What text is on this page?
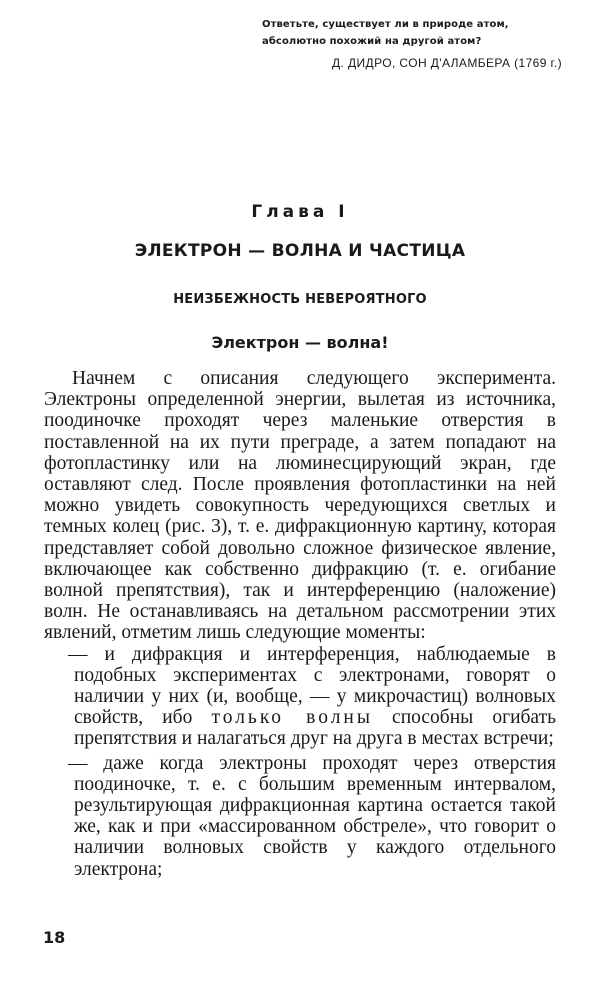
Ответьте, существует ли в природе атом,
абсолютно похожий на другой атом?
Д. ДИДРО, СОН Д'АЛАМБЕРА (1769 г.)
Глава I
ЭЛЕКТРОН — ВОЛНА И ЧАСТИЦА
НЕИЗБЕЖНОСТЬ НЕВЕРОЯТНОГО
Электрон — волна!

Начнем с описания следующего эксперимента. Электроны определенной энергии, вылетая из источника, поодиночке проходят через маленькие отверстия в поставленной на их пути преграде, а затем попадают на фотопластинку или на люминесцирующий экран, где оставляют след. После проявления фотопластинки на ней можно увидеть совокупность чередующихся светлых и темных колец (рис. 3), т. е. дифракционную картину, которая представляет собой довольно сложное физическое явление, включающее как собственно дифракцию (т. е. огибание волной препятствия), так и интерференцию (наложение) волн. Не останавливаясь на детальном рассмотрении этих явлений, отметим лишь следующие моменты:

— и дифракция и интерференция, наблюдаемые в подобных экспериментах с электронами, говорят о наличии у них (и, вообще, — у микрочастиц) волновых свойств, ибо только волны способны огибать препятствия и налагаться друг на друга в местах встречи;

— даже когда электроны проходят через отверстия поодиночке, т. е. с большим временным интервалом, результирующая дифракционная картина остается такой же, как и при «массированном обстреле», что говорит о наличии волновых свойств у каждого отдельного электрона;

18
